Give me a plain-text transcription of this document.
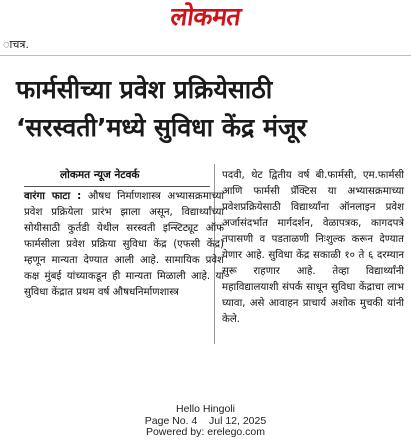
लोकमत
ाचत्र.
फार्मसीच्या प्रवेश प्रक्रियेसाठी
‘सरस्वती’मध्ये सुविधा केंद्र मंजूर
लोकमत न्यूज नेटवर्क

वारंगा फाटा : औषध निर्माणशास्त्र अभ्यासक्रमाच्या प्रवेश प्रक्रियेला प्रारंभ झाला असून, विद्यार्थ्यांच्या सोयीसाठी कुर्तडी येथील सरस्वती इन्स्टिट्यूट ऑफ फार्मसीला प्रवेश प्रक्रिया सुविधा केंद्र (एफसी केंद्र) म्हणून मान्यता देण्यात आली आहे. सामायिक प्रवेश कक्ष मुंबई यांच्याकडून ही मान्यता मिळाली आहे. या सुविधा केंद्रात प्रथम वर्ष औषधनिर्माणशास्त्र

पदवी, थेट द्वितीय वर्ष बी.फार्मसी, एम.फार्मसी आणि फार्मसी प्रॅक्टिस या अभ्यासक्रमाच्या प्रवेशप्रक्रियेसाठी विद्यार्थ्यांना ऑनलाइन प्रवेश अर्जासंदर्भात मार्गदर्शन, वेळापत्रक, कागदपत्रे तपासणी व पडताळणी निःशुल्क करून देण्यात येणार आहे. सुविधा केंद्र सकाळी १० ते ६ दरम्यान सुरू राहणार आहे. तेव्हा विद्यार्थ्यांनी महाविद्यालयाशी संपर्क साधून सुविधा केंद्राचा लाभ घ्यावा, असे आवाहन प्राचार्य अशोक मुचकी यांनी केले.

Hello Hingoli
Page No. 4    Jul 12, 2025
Powered by: erelego.com
